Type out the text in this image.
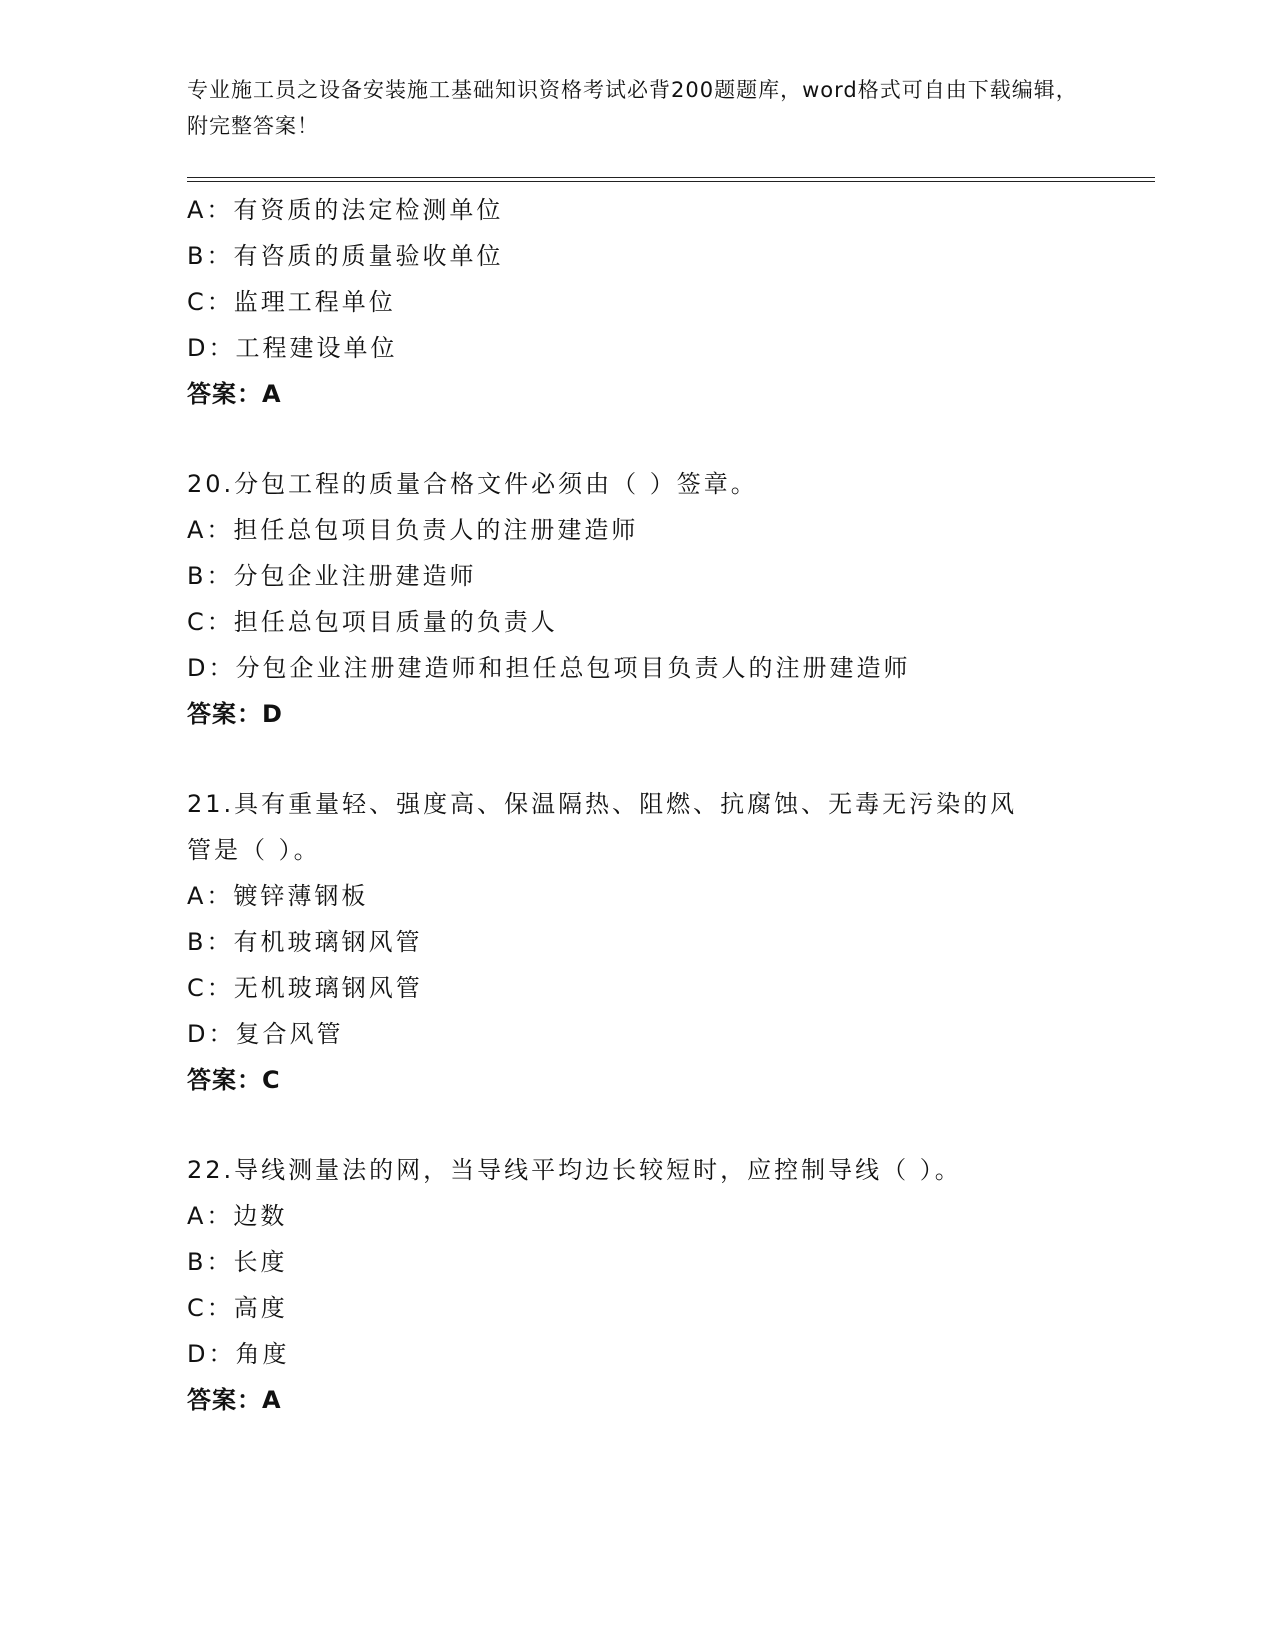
专业施工员之设备安装施工基础知识资格考试必背200题题库，word格式可自由下载编辑，附完整答案！
A：有资质的法定检测单位
B：有咨质的质量验收单位
C：监理工程单位
D：工程建设单位
答案：A
20.分包工程的质量合格文件必须由（ ）签章。
A：担任总包项目负责人的注册建造师
B：分包企业注册建造师
C：担任总包项目质量的负责人
D：分包企业注册建造师和担任总包项目负责人的注册建造师
答案：D
21.具有重量轻、强度高、保温隔热、阻燃、抗腐蚀、无毒无污染的风
管是（ ）。
A：镀锌薄钢板
B：有机玻璃钢风管
C：无机玻璃钢风管
D：复合风管
答案：C
22.导线测量法的网，当导线平均边长较短时，应控制导线（ ）。
A：边数
B：长度
C：高度
D：角度
答案：A
